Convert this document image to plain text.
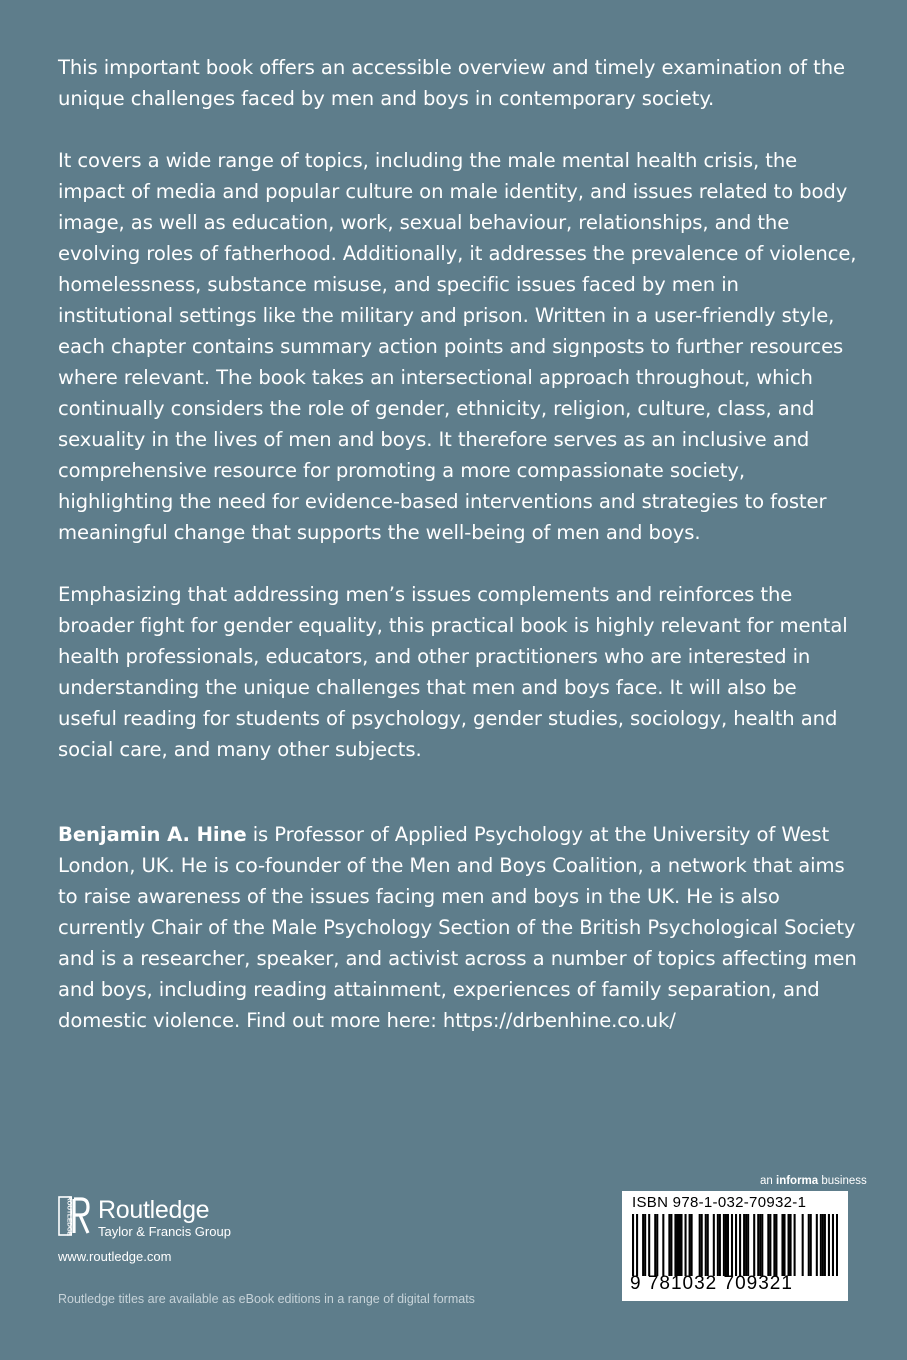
This important book offers an accessible overview and timely examination of the unique challenges faced by men and boys in contemporary society.

It covers a wide range of topics, including the male mental health crisis, the impact of media and popular culture on male identity, and issues related to body image, as well as education, work, sexual behaviour, relationships, and the evolving roles of fatherhood. Additionally, it addresses the prevalence of violence, homelessness, substance misuse, and specific issues faced by men in institutional settings like the military and prison. Written in a user-friendly style, each chapter contains summary action points and signposts to further resources where relevant. The book takes an intersectional approach throughout, which continually considers the role of gender, ethnicity, religion, culture, class, and sexuality in the lives of men and boys. It therefore serves as an inclusive and comprehensive resource for promoting a more compassionate society, highlighting the need for evidence-based interventions and strategies to foster meaningful change that supports the well-being of men and boys.

Emphasizing that addressing men’s issues complements and reinforces the broader fight for gender equality, this practical book is highly relevant for mental health professionals, educators, and other practitioners who are interested in understanding the unique challenges that men and boys face. It will also be useful reading for students of psychology, gender studies, sociology, health and social care, and many other subjects.

Benjamin A. Hine is Professor of Applied Psychology at the University of West London, UK. He is co-founder of the Men and Boys Coalition, a network that aims to raise awareness of the issues facing men and boys in the UK. He is also currently Chair of the Male Psychology Section of the British Psychological Society and is a researcher, speaker, and activist across a number of topics affecting men and boys, including reading attainment, experiences of family separation, and domestic violence. Find out more here: https://drbenhine.co.uk/

ROUTLEDGE Routledge
Taylor & Francis Group
www.routledge.com
Routledge titles are available as eBook editions in a range of digital formats
an informa business
ISBN 978-1-032-70932-1
9 781032 709321
